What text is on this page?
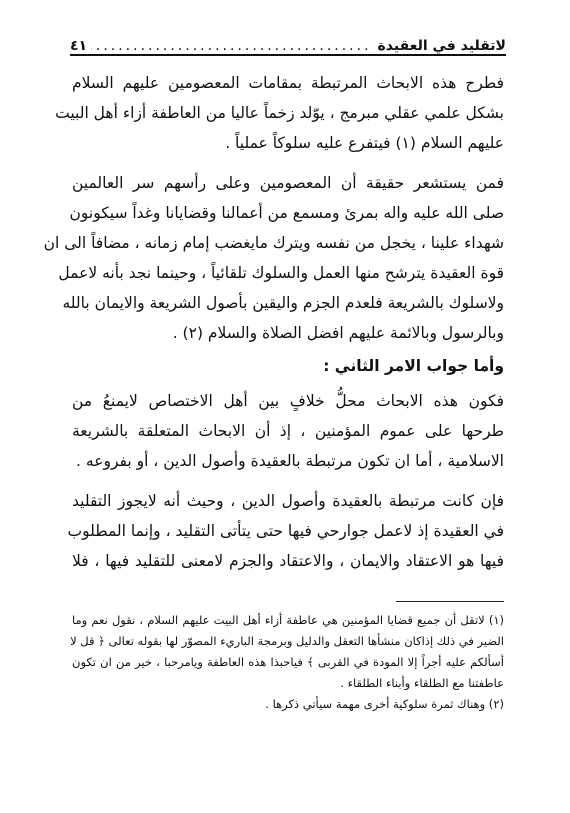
لاتقليد في العقيدة
.....
٤١

فطرح هذه الابحاث المرتبطة بمقامات المعصومين عليهم السلام
بشكل علمي عقلي مبرمج ، يوّلد زخماً عاليا من العاطفة أزاء أهل البيت
عليهم السلام (١) فيتفرع عليه سلوكاً عملياً .

فمن يستشعر حقيقة أن المعصومين وعلى رأسهم سر العالمين
صلى الله عليه واله بمرئ ومسمع من أعمالنا وقضايانا وغداً سيكونون
شهداء علينا ، يخجل من نفسه ويترك مايغضب إمام زمانه ، مضافاً الى ان
قوة العقيدة يترشح منها العمل والسلوك تلقائياً ، وحينما نجد بأنه لاعمل
ولاسلوك بالشريعة فلعدم الجزم واليقين بأصول الشريعة والايمان بالله
وبالرسول وبالائمة عليهم افضل الصلاة والسلام (٢) .

وأما جواب الامر الثاني :

فكون هذه الابحاث محلُّ خلافٍ بين أهل الاختصاص لايمنعُ من
طرحها على عموم المؤمنين ، إذ أن الابحاث المتعلقة بالشريعة
الاسلامية ، أما ان تكون مرتبطة بالعقيدة وأصول الدين ، أو بفروعه .

فإن كانت مرتبطة بالعقيدة وأصول الدين ، وحيث أنه لايجوز التقليد
في العقيدة إذ لاعمل جوارحي فيها حتى يتأتى التقليد ، وإنما المطلوب
فيها هو الاعتقاد والايمان ، والاعتقاد والجزم لامعنى للتقليد فيها ، فلا

(١) لاتقل أن جميع قضايا المؤمنين هي عاطفة أزاء أهل البيت عليهم السلام ، نقول نعم وما
الضير في ذلك إذاكان منشأها التعقل والدليل وبرمجة الباريء المصوّر لها بقوله تعالى ﴿ قل لا
أسألكم عليه أجراً إلا المودة في القربى ﴾ فياحبذا هذه العاطفة ويامرحبا ، خير من ان تكون
عاطفتنا مع الطلقاء وأبناء الطلقاء .
(٢) وهناك ثمرة سلوكية أخرى مهمة سيأتي ذكرها .
